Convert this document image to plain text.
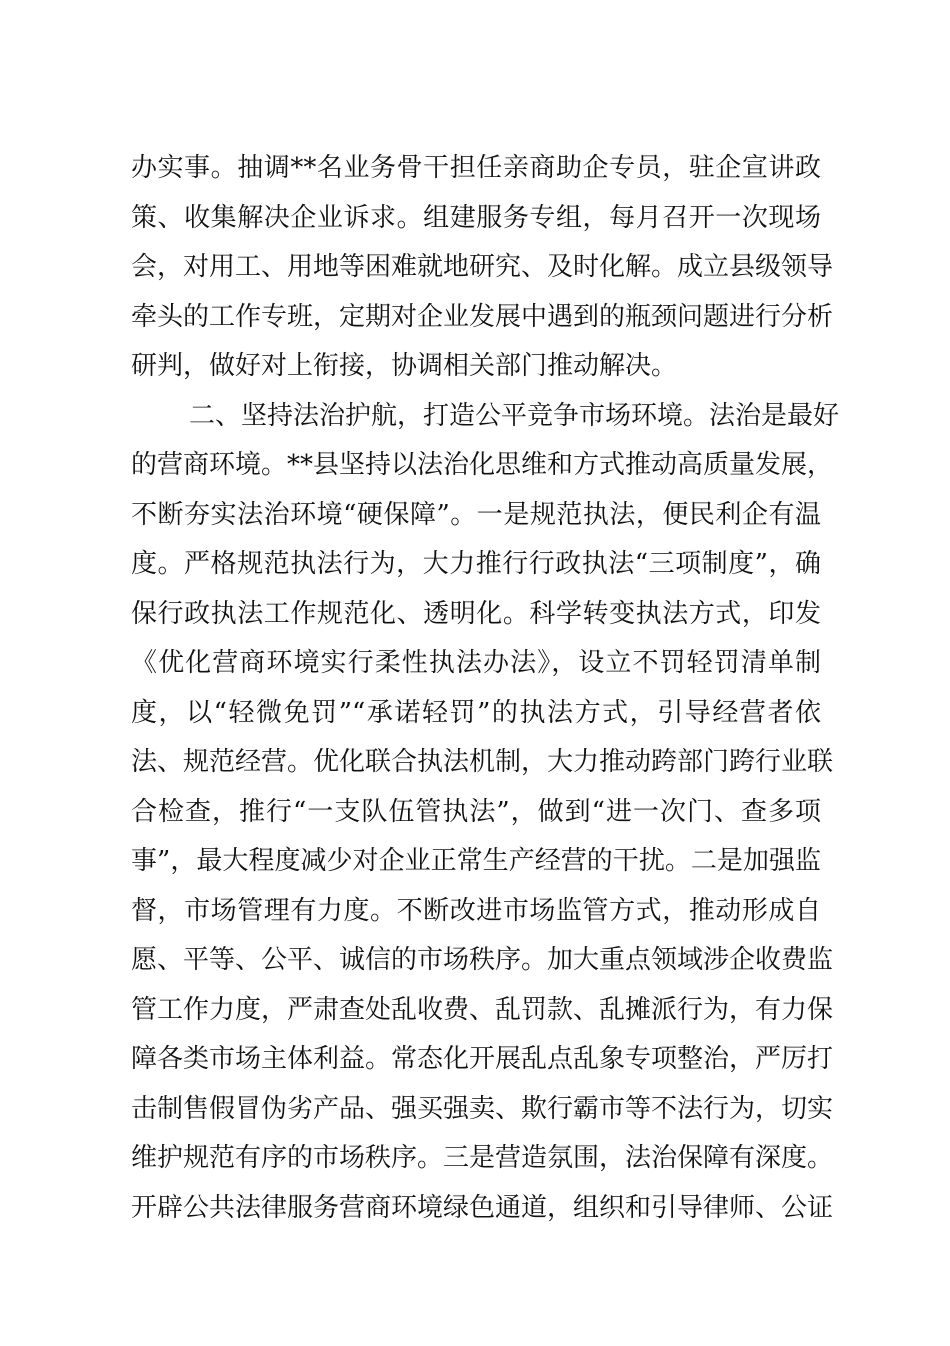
办实事。抽调**名业务骨干担任亲商助企专员，驻企宣讲政
策、收集解决企业诉求。组建服务专组，每月召开一次现场
会，对用工、用地等困难就地研究、及时化解。成立县级领导
牵头的工作专班，定期对企业发展中遇到的瓶颈问题进行分析
研判，做好对上衔接，协调相关部门推动解决。
二、坚持法治护航，打造公平竞争市场环境。法治是最好
的营商环境。**县坚持以法治化思维和方式推动高质量发展，
不断夯实法治环境“硬保障”。一是规范执法，便民利企有温
度。严格规范执法行为，大力推行行政执法“三项制度”，确
保行政执法工作规范化、透明化。科学转变执法方式，印发
《优化营商环境实行柔性执法办法》，设立不罚轻罚清单制
度，以“轻微免罚”“承诺轻罚”的执法方式，引导经营者依
法、规范经营。优化联合执法机制，大力推动跨部门跨行业联
合检查，推行“一支队伍管执法”，做到“进一次门、查多项
事”，最大程度减少对企业正常生产经营的干扰。二是加强监
督，市场管理有力度。不断改进市场监管方式，推动形成自
愿、平等、公平、诚信的市场秩序。加大重点领域涉企收费监
管工作力度，严肃查处乱收费、乱罚款、乱摊派行为，有力保
障各类市场主体利益。常态化开展乱点乱象专项整治，严厉打
击制售假冒伪劣产品、强买强卖、欺行霸市等不法行为，切实
维护规范有序的市场秩序。三是营造氛围，法治保障有深度。
开辟公共法律服务营商环境绿色通道，组织和引导律师、公证
